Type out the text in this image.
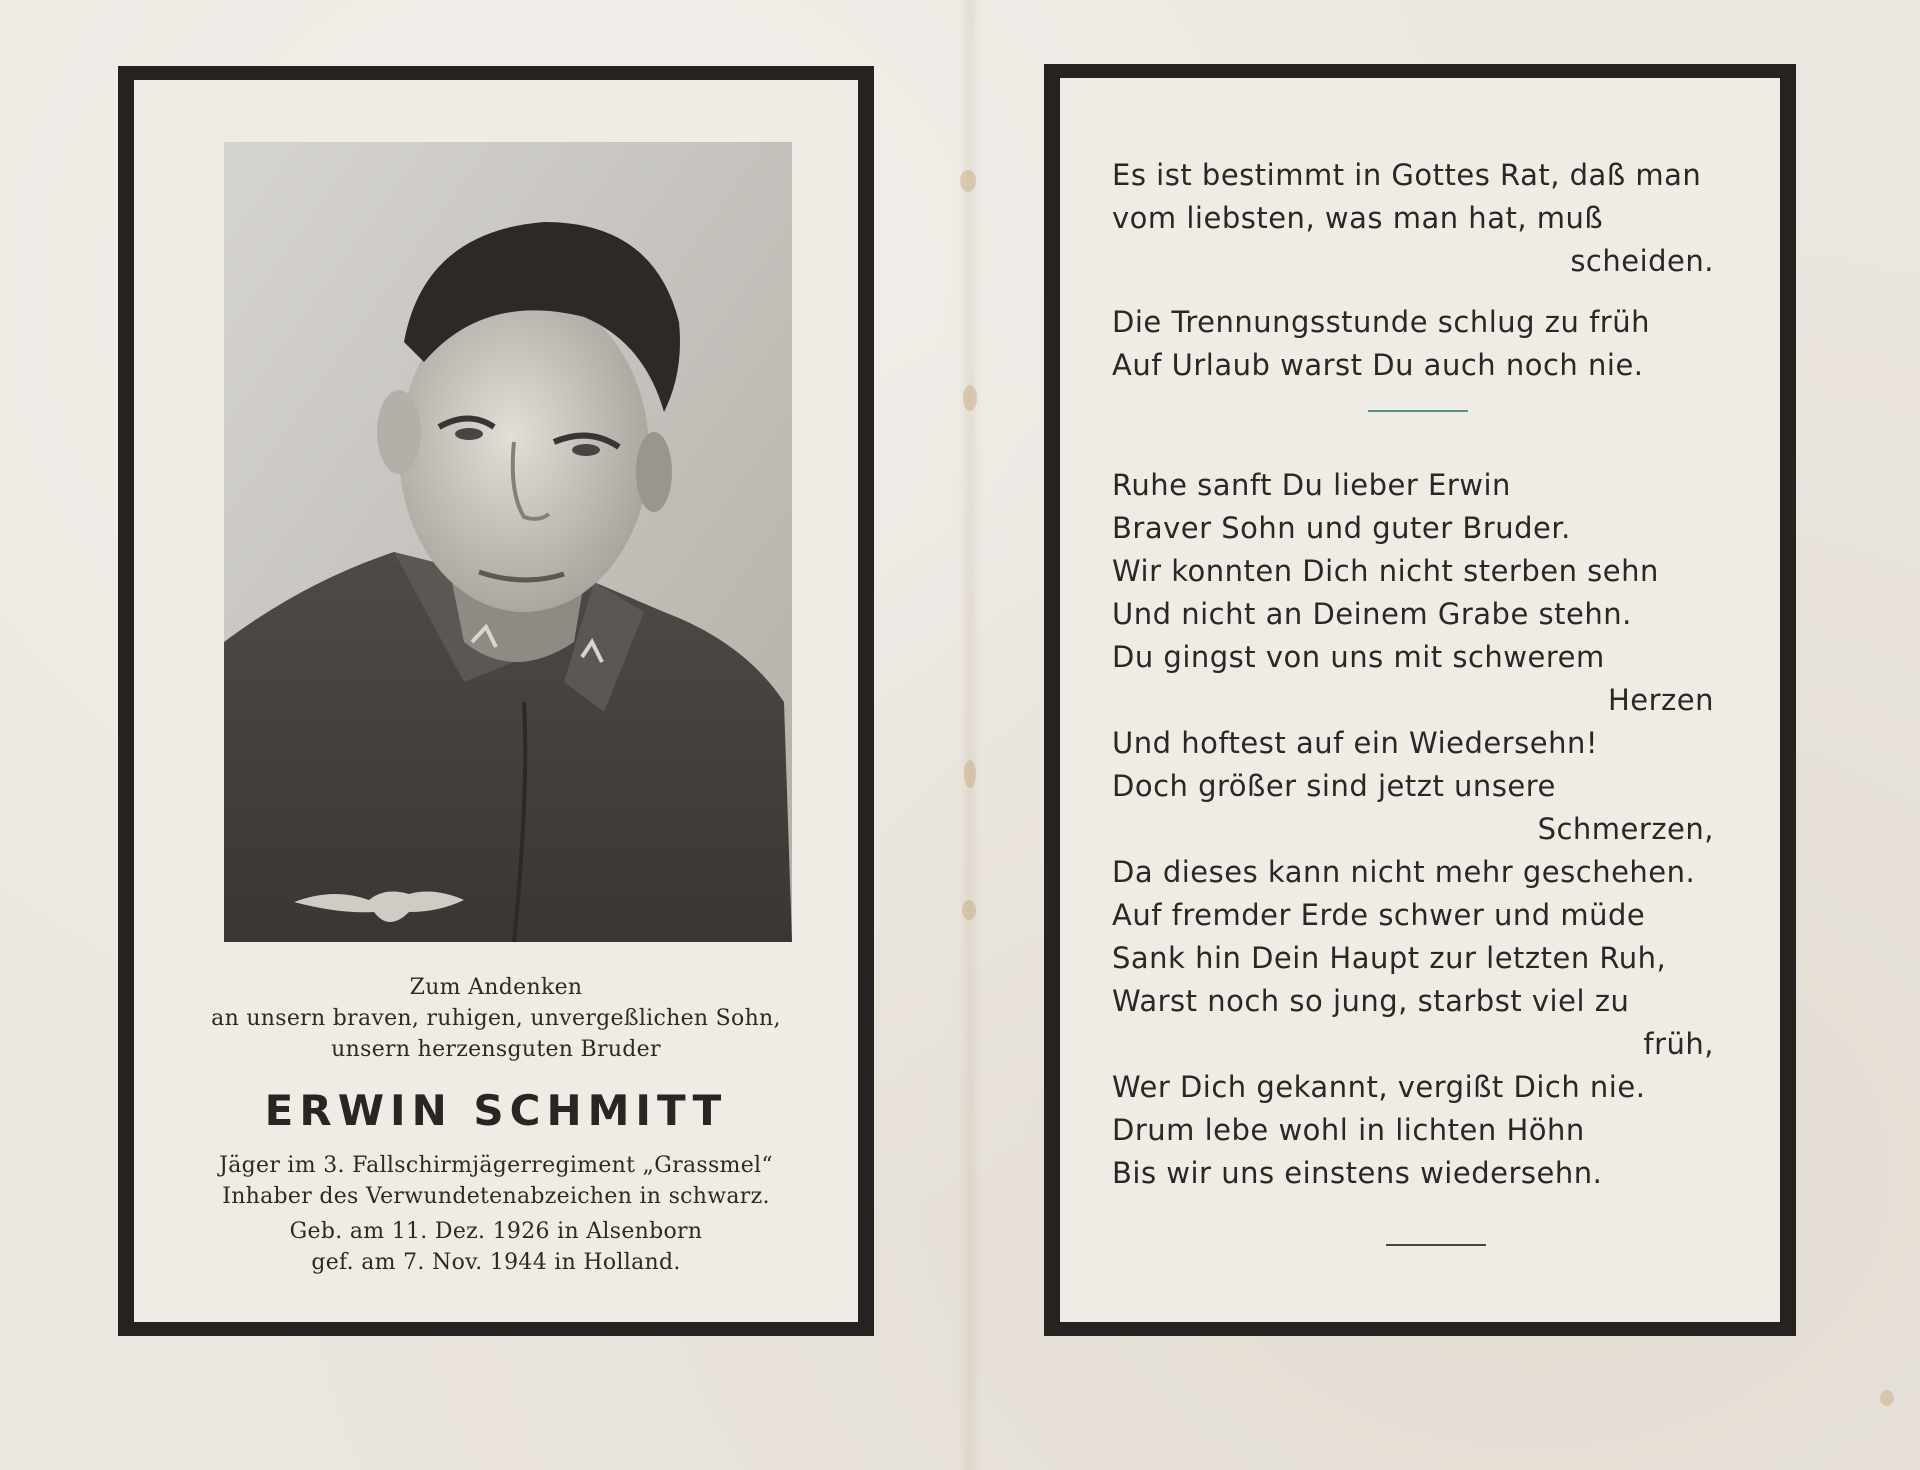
Zum Andenken
an unsern braven, ruhigen, unvergeßlichen Sohn,
unsern herzensguten Bruder
ERWIN SCHMITT
Jäger im 3. Fallschirmjägerregiment „Grassmel“
Inhaber des Verwundetenabzeichen in schwarz.
Geb. am 11. Dez. 1926 in Alsenborn
gef. am 7. Nov. 1944 in Holland.
Es ist bestimmt in Gottes Rat, daß man
vom liebsten, was man hat, muß
scheiden.
Die Trennungsstunde schlug zu früh
Auf Urlaub warst Du auch noch nie.
Ruhe sanft Du lieber Erwin
Braver Sohn und guter Bruder.
Wir konnten Dich nicht sterben sehn
Und nicht an Deinem Grabe stehn.
Du gingst von uns mit schwerem
Herzen
Und hoftest auf ein Wiedersehn!
Doch größer sind jetzt unsere
Schmerzen,
Da dieses kann nicht mehr geschehen.
Auf fremder Erde schwer und müde
Sank hin Dein Haupt zur letzten Ruh,
Warst noch so jung, starbst viel zu
früh,
Wer Dich gekannt, vergißt Dich nie.
Drum lebe wohl in lichten Höhn
Bis wir uns einstens wiedersehn.
